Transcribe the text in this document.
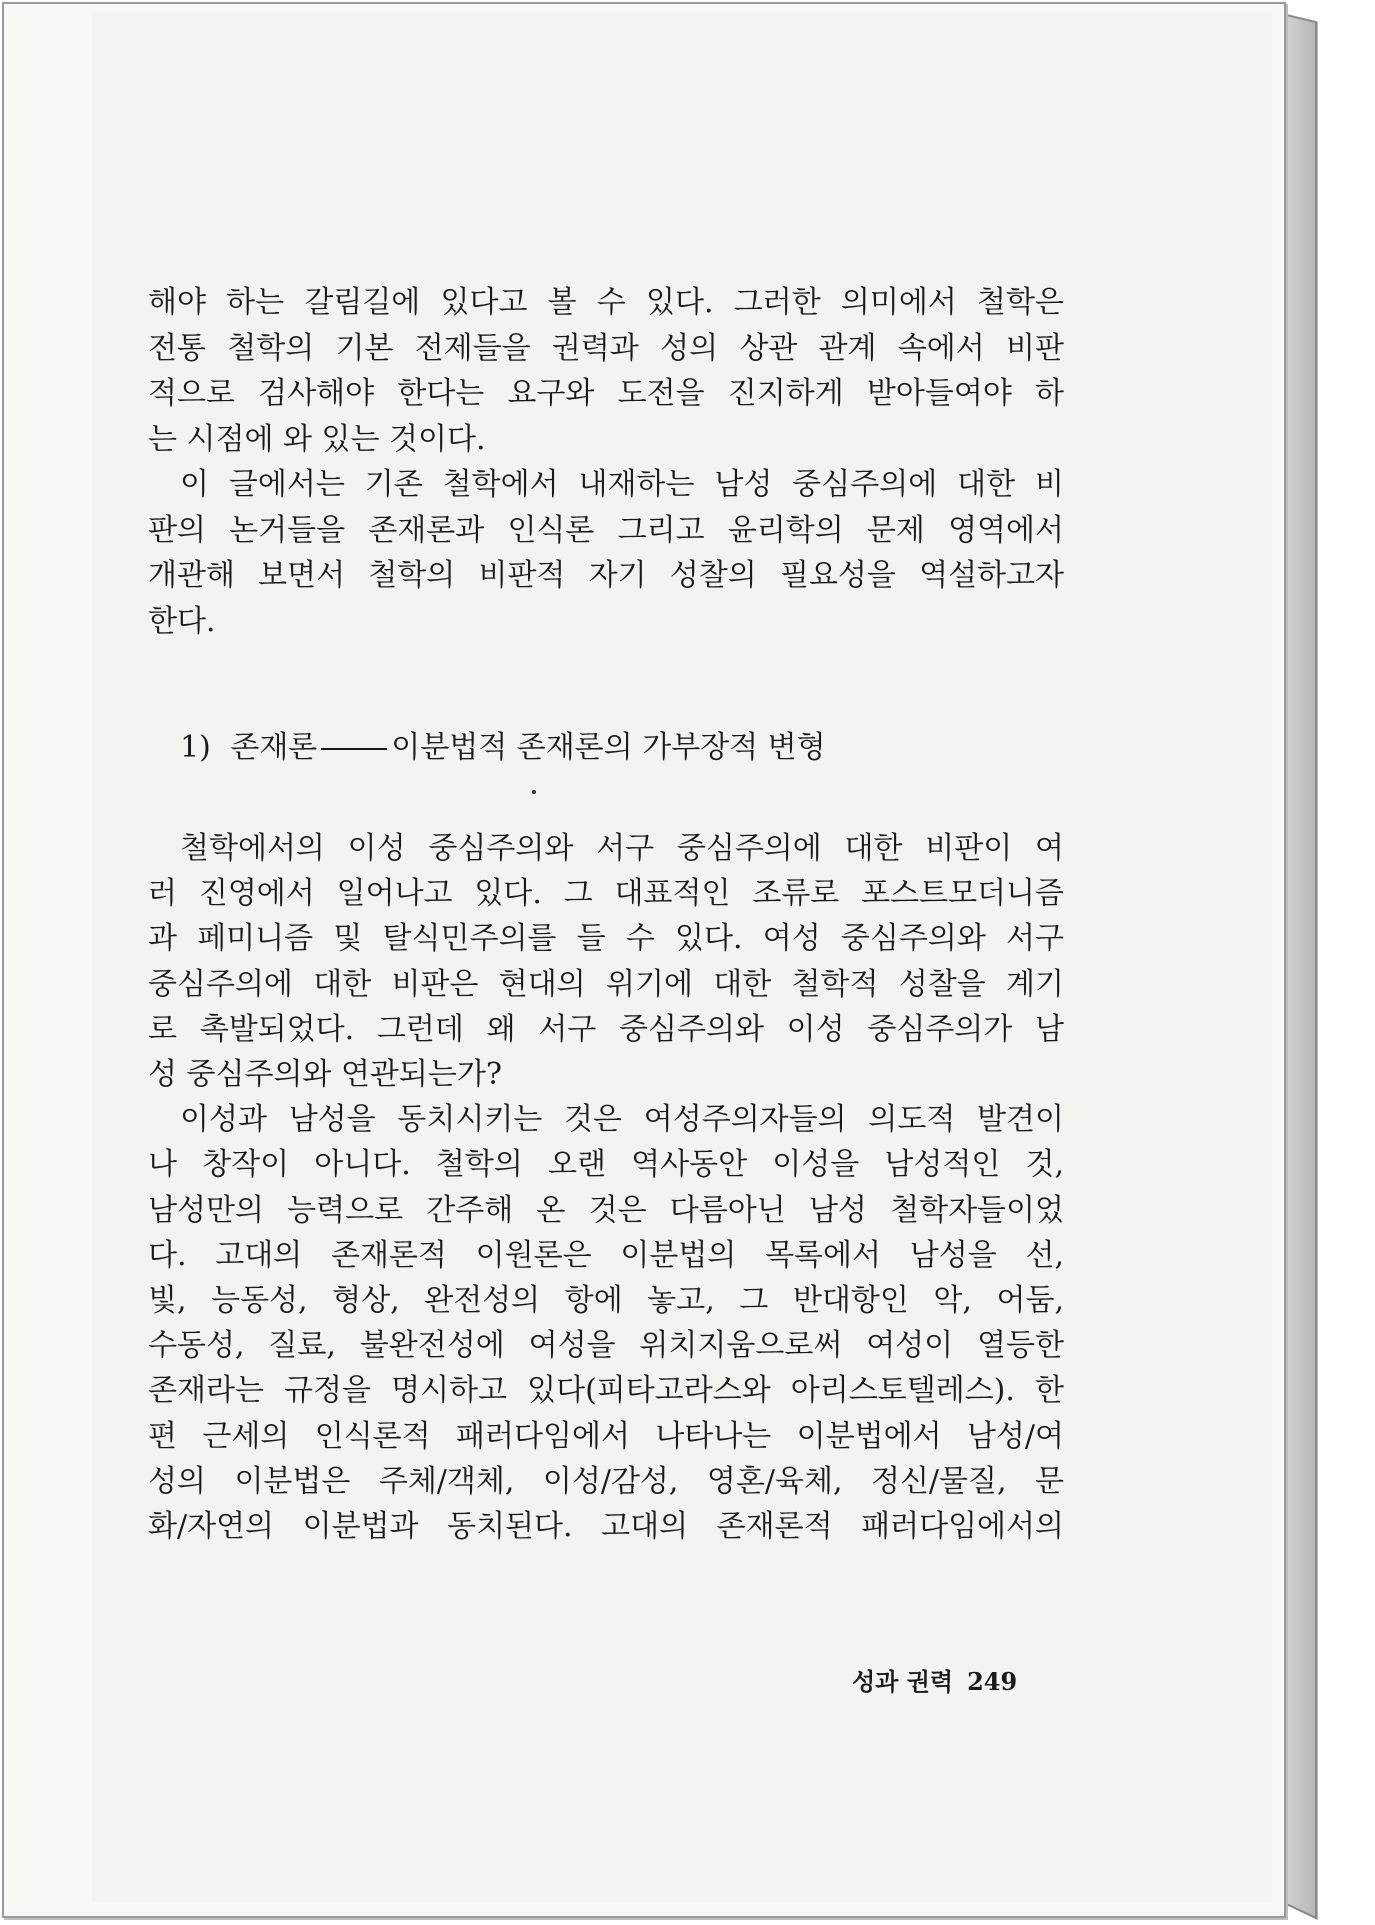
해야 하는 갈림길에 있다고 볼 수 있다. 그러한 의미에서 철학은
전통 철학의 기본 전제들을 권력과 성의 상관 관계 속에서 비판
적으로 검사해야 한다는 요구와 도전을 진지하게 받아들여야 하
는 시점에 와 있는 것이다.
이 글에서는 기존 철학에서 내재하는 남성 중심주의에 대한 비
판의 논거들을 존재론과 인식론 그리고 윤리학의 문제 영역에서
개관해 보면서 철학의 비판적 자기 성찰의 필요성을 역설하고자
한다.
1) 존재론 이분법적 존재론의 가부장적 변형
철학에서의 이성 중심주의와 서구 중심주의에 대한 비판이 여
러 진영에서 일어나고 있다. 그 대표적인 조류로 포스트모더니즘
과 페미니즘 및 탈식민주의를 들 수 있다. 여성 중심주의와 서구
중심주의에 대한 비판은 현대의 위기에 대한 철학적 성찰을 계기
로 촉발되었다. 그런데 왜 서구 중심주의와 이성 중심주의가 남
성 중심주의와 연관되는가?
이성과 남성을 동치시키는 것은 여성주의자들의 의도적 발견이
나 창작이 아니다. 철학의 오랜 역사동안 이성을 남성적인 것,
남성만의 능력으로 간주해 온 것은 다름아닌 남성 철학자들이었
다. 고대의 존재론적 이원론은 이분법의 목록에서 남성을 선,
빛, 능동성, 형상, 완전성의 항에 놓고, 그 반대항인 악, 어둠,
수동성, 질료, 불완전성에 여성을 위치지움으로써 여성이 열등한
존재라는 규정을 명시하고 있다(피타고라스와 아리스토텔레스). 한
편 근세의 인식론적 패러다임에서 나타나는 이분법에서 남성/여
성의 이분법은 주체/객체, 이성/감성, 영혼/육체, 정신/물질, 문
화/자연의 이분법과 동치된다. 고대의 존재론적 패러다임에서의
성과 권력 249
